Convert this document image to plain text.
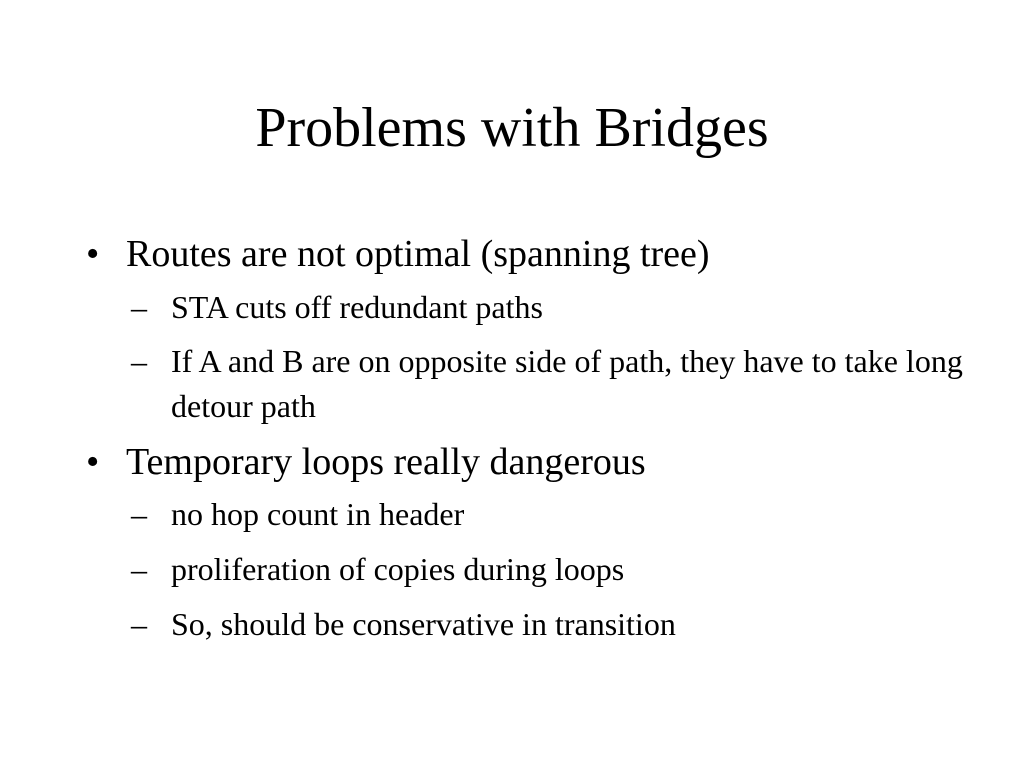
Problems with Bridges
• Routes are not optimal (spanning tree)
– STA cuts off redundant paths
– If A and B are on opposite side of path, they have to take long detour path
• Temporary loops really dangerous
– no hop count in header
– proliferation of copies during loops
– So, should be conservative in transition
